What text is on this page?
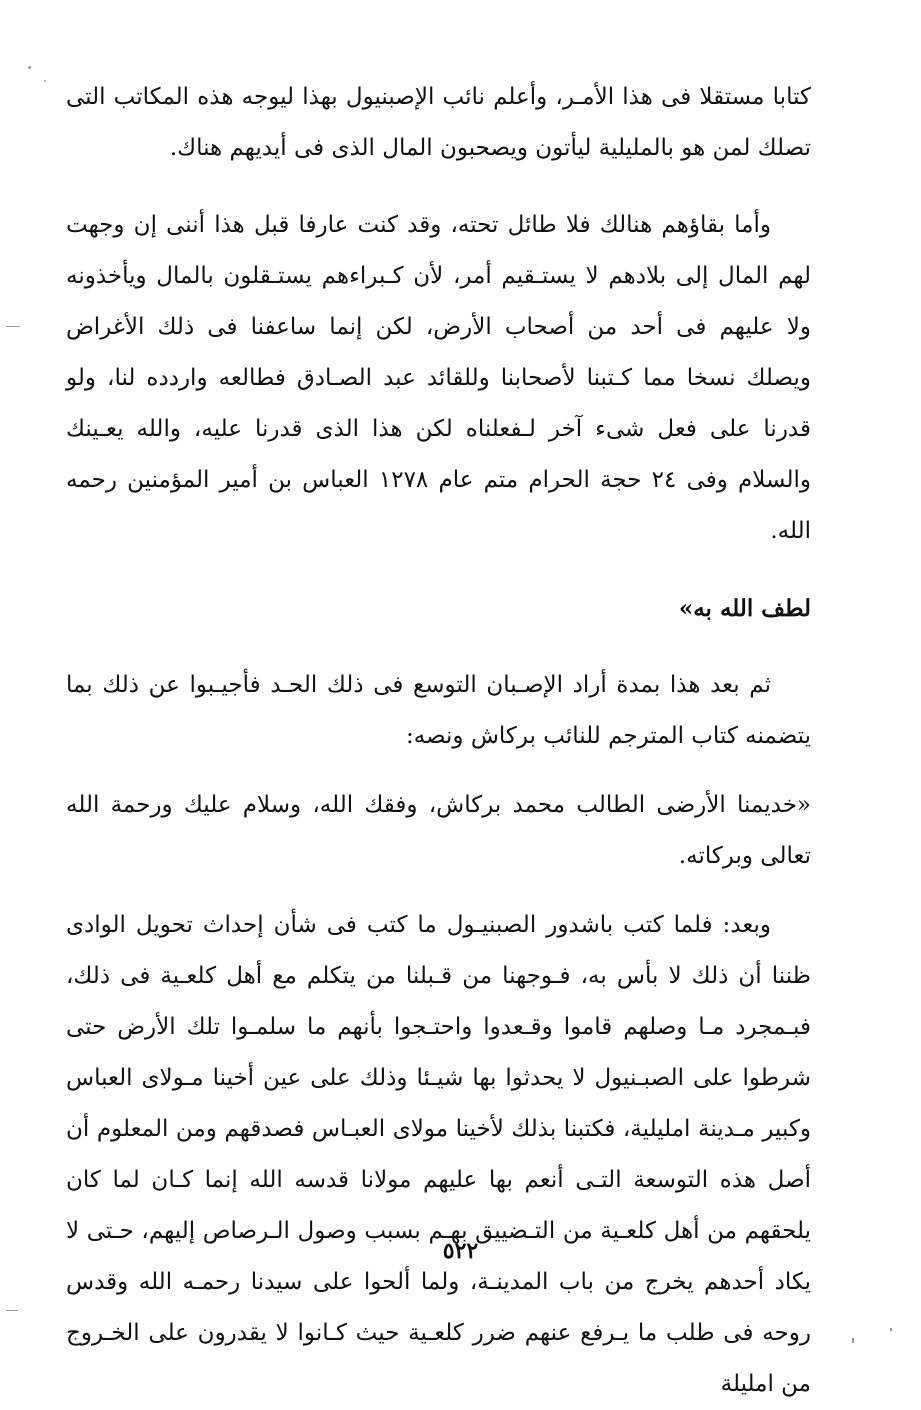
كتابا مستقلا فى هذا الأمـر، وأعلم نائب الإصبنيول بهذا ليوجه هذه المكاتب التى تصلك لمن هو بالمليلية ليأتون ويصحبون المال الذى فى أيديهم هناك.

وأما بقاؤهم هنالك فلا طائل تحته، وقد كنت عارفا قبل هذا أننى إن وجهت لهم المال إلى بلادهم لا يستـقيم أمر، لأن كـبراءهم يستـقلون بالمال ويأخذونه ولا عليهم فى أحد من أصحاب الأرض، لكن إنما ساعفنا فى ذلك الأغراض ويصلك نسخا مما كـتبنا لأصحابنا وللقائد عبد الصـادق فطالعه واردده لنا، ولو قدرنا على فعل شىء آخر لـفعلناه لكن هذا الذى قدرنا عليه، والله يعـينك والسلام وفى ٢٤ حجة الحرام متم عام ١٢٧٨ العباس بن أمير المؤمنين رحمه الله.

لطف الله به»

ثم بعد هذا بمدة أراد الإصـبان التوسع فى ذلك الحـد فأجيـبوا عن ذلك بما يتضمنه كتاب المترجم للنائب بركاش ونصه:

«خديمنا الأرضى الطالب محمد بركاش، وفقك الله، وسلام عليك ورحمة الله تعالى وبركاته.

وبعد: فلما كتب باشدور الصبنيـول ما كتب فى شأن إحداث تحويل الوادى ظننا أن ذلك لا بأس به، فـوجهنا من قـبلنا من يتكلم مع أهل كلعـية فى ذلك، فبـمجرد مـا وصلهم قاموا وقـعدوا واحتـجوا بأنهم ما سلمـوا تلك الأرض حتى شرطوا على الصبـنيول لا يحدثوا بها شيـئا وذلك على عين أخينا مـولاى العباس وكبير مـدينة امليلية، فكتبنا بذلك لأخينا مولاى العبـاس فصدقهم ومن المعلوم أن أصل هذه التوسعة التـى أنعم بها عليهم مولانا قدسه الله إنما كـان لما كان يلحقهم من أهل كلعـية من التـضييق بهـم بسبب وصول الـرصاص إليهم، حـتى لا يكاد أحدهم يخرج من باب المدينـة، ولما ألحوا على سيدنا رحمـه الله وقدس روحه فى طلب ما يـرفع عنهم ضرر كلعـية حيث كـانوا لا يقدرون على الخـروج من امليلة

٥٢٢
